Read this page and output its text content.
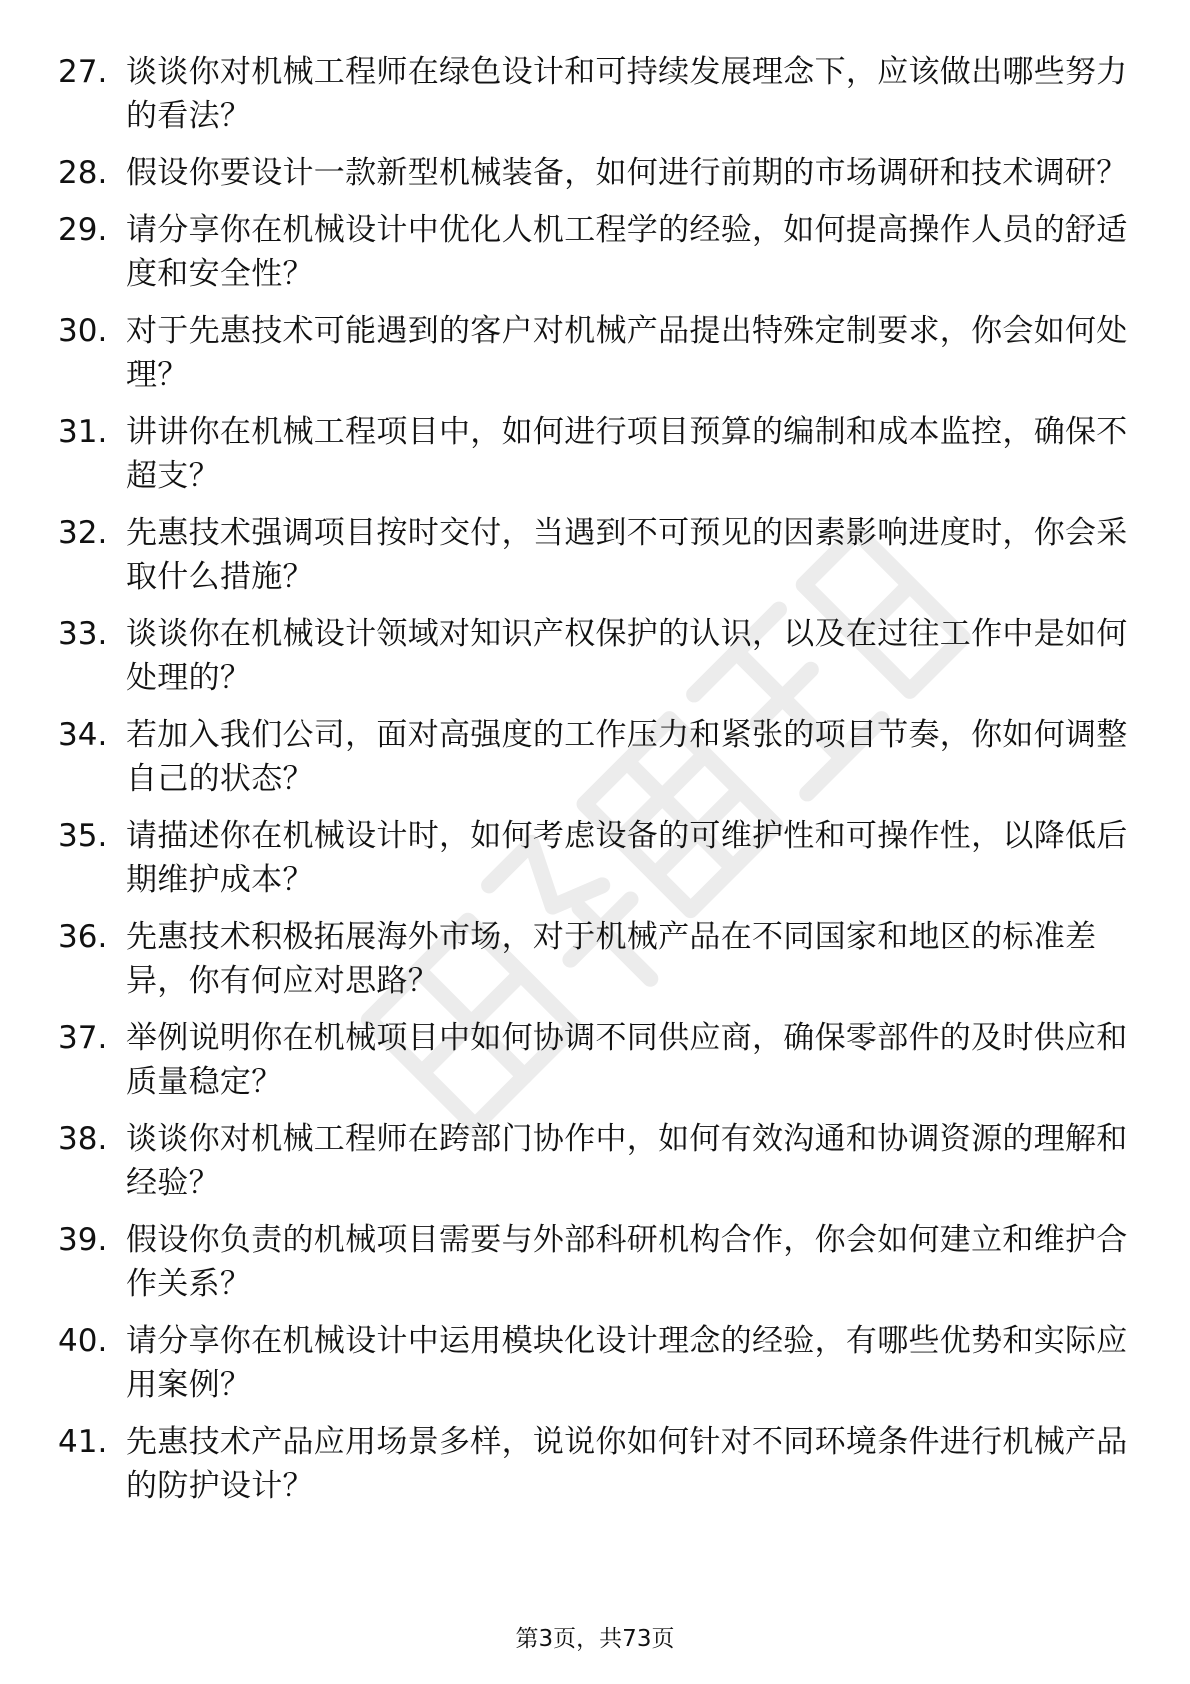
27. 谈谈你对机械工程师在绿色设计和可持续发展理念下，应该做出哪些努力的看法？
28. 假设你要设计一款新型机械装备，如何进行前期的市场调研和技术调研？
29. 请分享你在机械设计中优化人机工程学的经验，如何提高操作人员的舒适度和安全性？
30. 对于先惠技术可能遇到的客户对机械产品提出特殊定制要求，你会如何处理？
31. 讲讲你在机械工程项目中，如何进行项目预算的编制和成本监控，确保不超支？
32. 先惠技术强调项目按时交付，当遇到不可预见的因素影响进度时，你会采取什么措施？
33. 谈谈你在机械设计领域对知识产权保护的认识，以及在过往工作中是如何处理的？
34. 若加入我们公司，面对高强度的工作压力和紧张的项目节奏，你如何调整自己的状态？
35. 请描述你在机械设计时，如何考虑设备的可维护性和可操作性，以降低后期维护成本？
36. 先惠技术积极拓展海外市场，对于机械产品在不同国家和地区的标准差异，你有何应对思路？
37. 举例说明你在机械项目中如何协调不同供应商，确保零部件的及时供应和质量稳定？
38. 谈谈你对机械工程师在跨部门协作中，如何有效沟通和协调资源的理解和经验？
39. 假设你负责的机械项目需要与外部科研机构合作，你会如何建立和维护合作关系？
40. 请分享你在机械设计中运用模块化设计理念的经验，有哪些优势和实际应用案例？
41. 先惠技术产品应用场景多样，说说你如何针对不同环境条件进行机械产品的防护设计？
第3页，共73页
